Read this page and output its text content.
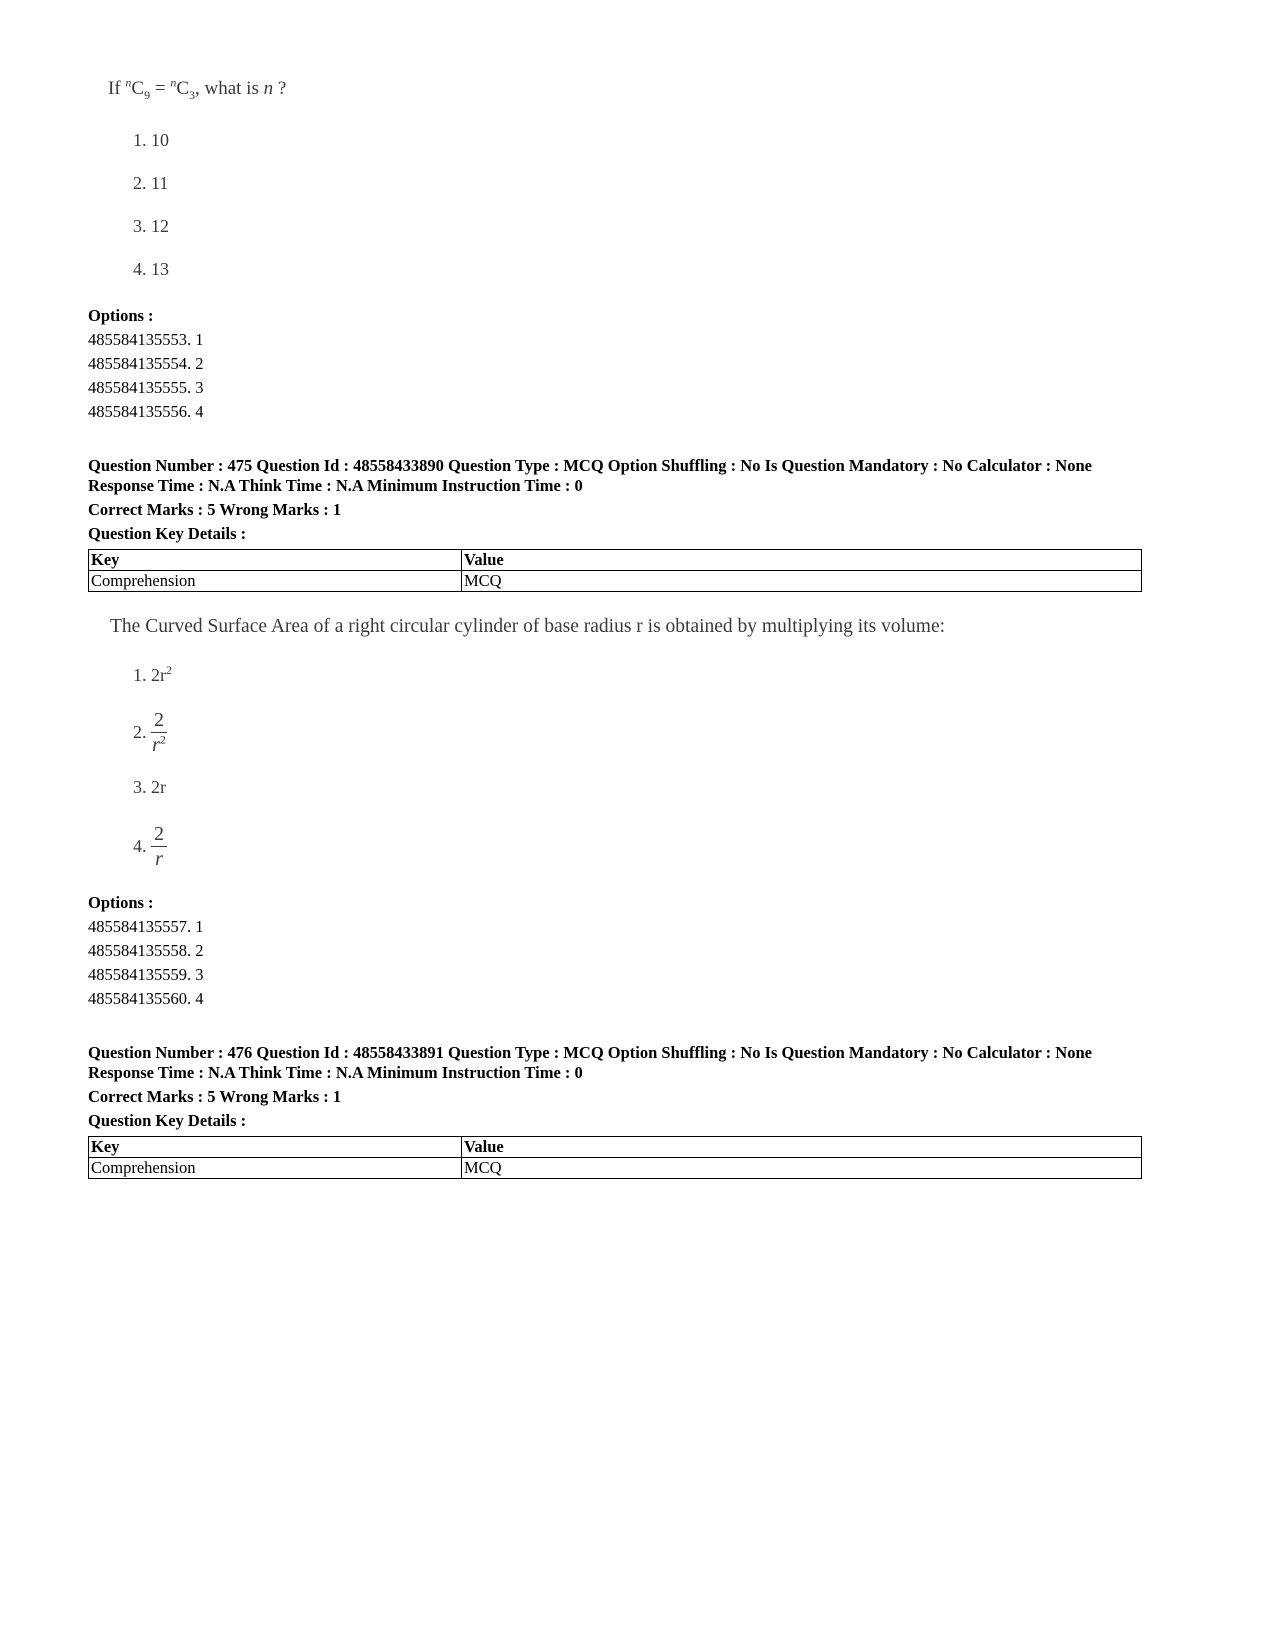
If $^nC_9 = ^nC_3$, what is n ?
1. 10
2. 11
3. 12
4. 13
Options :
485584135553. 1
485584135554. 2
485584135555. 3
485584135556. 4
Question Number : 475 Question Id : 48558433890 Question Type : MCQ Option Shuffling : No Is Question Mandatory : No Calculator : None
Response Time : N.A Think Time : N.A Minimum Instruction Time : 0
Correct Marks : 5 Wrong Marks : 1
Question Key Details :
Key	Value
Comprehension	MCQ
The Curved Surface Area of a right circular cylinder of base radius r is obtained by multiplying its volume:
1. $2r^2$
2. $\frac{2}{r^2}$
3. 2r
4. $\frac{2}{r}$
Options :
485584135557. 1
485584135558. 2
485584135559. 3
485584135560. 4
Question Number : 476 Question Id : 48558433891 Question Type : MCQ Option Shuffling : No Is Question Mandatory : No Calculator : None
Response Time : N.A Think Time : N.A Minimum Instruction Time : 0
Correct Marks : 5 Wrong Marks : 1
Question Key Details :
Key	Value
Comprehension	MCQ
